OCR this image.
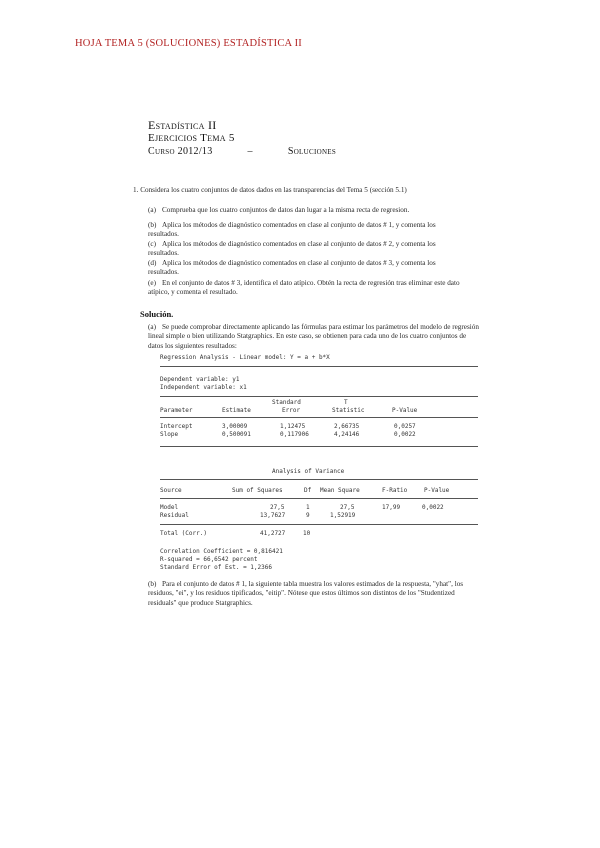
HOJA TEMA 5 (SOLUCIONES) ESTADÍSTICA II
Estadística II
Ejercicios Tema 5
Curso 2012/13	–	Soluciones
1. Considera los cuatro conjuntos de datos dados en las transparencias del Tema 5 (sección 5.1)
(a) Comprueba que los cuatro conjuntos de datos dan lugar a la misma recta de regresion.
(b) Aplica los métodos de diagnóstico comentados en clase al conjunto de datos # 1, y comenta los resultados.
(c) Aplica los métodos de diagnóstico comentados en clase al conjunto de datos # 2, y comenta los resultados.
(d) Aplica los métodos de diagnóstico comentados en clase al conjunto de datos # 3, y comenta los resultados.
(e) En el conjunto de datos # 3, identifica el dato atípico. Obtén la recta de regresión tras eliminar este dato atípico, y comenta el resultado.
Solución.
(a) Se puede comprobar directamente aplicando las fórmulas para estimar los parámetros del modelo de regresión lineal simple o bien utilizando Statgraphics. En este caso, se obtienen para cada uno de los cuatro conjuntos de datos los siguientes resultados:
Regression Analysis - Linear model: Y = a + b*X
Dependent variable: y1
Independent variable: x1
Standard	T
Parameter	Estimate	Error	Statistic	P-Value
Intercept	3,00009	1,12475	2,66735	0,0257
Slope	0,500091	0,117906	4,24146	0,0022
Analysis of Variance
Source	Sum of Squares	Df Mean Square	F-Ratio	P-Value
Model	27,5	1	27,5	17,99	0,0022
Residual	13,7627	9	1,52919
Total (Corr.)	41,2727	10
Correlation Coefficient = 0,816421
R-squared = 66,6542 percent
Standard Error of Est. = 1,2366
(b) Para el conjunto de datos # 1, la siguiente tabla muestra los valores estimados de la respuesta, "yhat", los residuos, "ei", y los residuos tipificados, "eitip". Nótese que estos últimos son distintos de los "Studentized residuals" que produce Statgraphics.
